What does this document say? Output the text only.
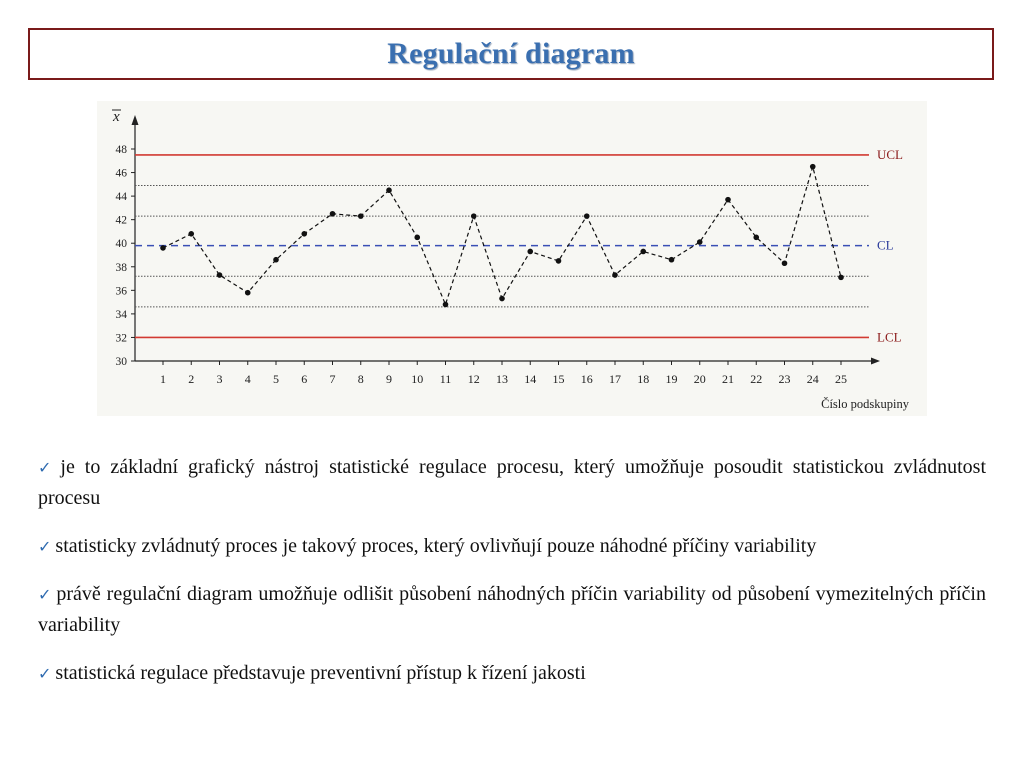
Regulační diagram
30
32
34
36
38
40
42
44
46
48
x
1 2 3 4 5 6 7 8 9 10 11 12 13 14 15 16 17 18 19 20 21 22 23 24 25
Číslo podskupiny
UCL
CL
LCL
✓ je to základní grafický nástroj statistické regulace procesu, který umožňuje posoudit statistickou zvládnutost procesu
✓ statisticky zvládnutý proces je takový proces, který ovlivňují pouze náhodné příčiny variability
✓ právě regulační diagram umožňuje odlišit působení náhodných příčin variability od působení vymezitelných příčin variability
✓ statistická regulace představuje preventivní přístup k řízení jakosti
